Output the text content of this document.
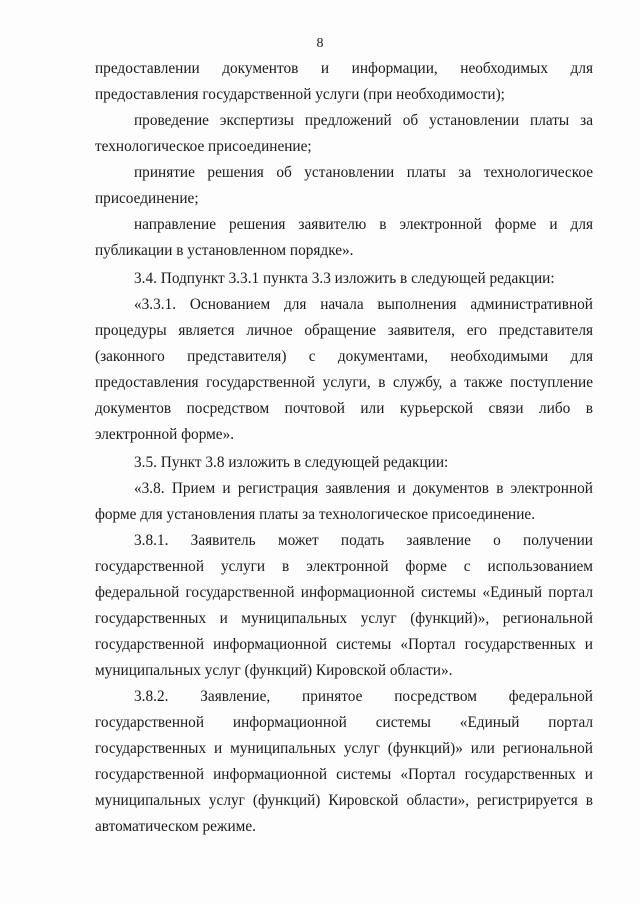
8

предоставлении документов и информации, необходимых для предоставления государственной услуги (при необходимости);

проведение экспертизы предложений об установлении платы за технологическое присоединение;

принятие решения об установлении платы за технологическое присоединение;

направление решения заявителю в электронной форме и для публикации в установленном порядке».

3.4. Подпункт 3.3.1 пункта 3.3 изложить в следующей редакции:

«3.3.1. Основанием для начала выполнения административной процедуры является личное обращение заявителя, его представителя (законного представителя) с документами, необходимыми для предоставления государственной услуги, в службу, а также поступление документов посредством почтовой или курьерской связи либо в электронной форме».

3.5. Пункт 3.8 изложить в следующей редакции:

«3.8. Прием и регистрация заявления и документов в электронной форме для установления платы за технологическое присоединение.

3.8.1. Заявитель может подать заявление о получении государственной услуги в электронной форме с использованием федеральной государственной информационной системы «Единый портал государственных и муниципальных услуг (функций)», региональной государственной информационной системы «Портал государственных и муниципальных услуг (функций) Кировской области».

3.8.2. Заявление, принятое посредством федеральной государственной информационной системы «Единый портал государственных и муниципальных услуг (функций)» или региональной государственной информационной системы «Портал государственных и муниципальных услуг (функций) Кировской области», регистрируется в автоматическом режиме.
